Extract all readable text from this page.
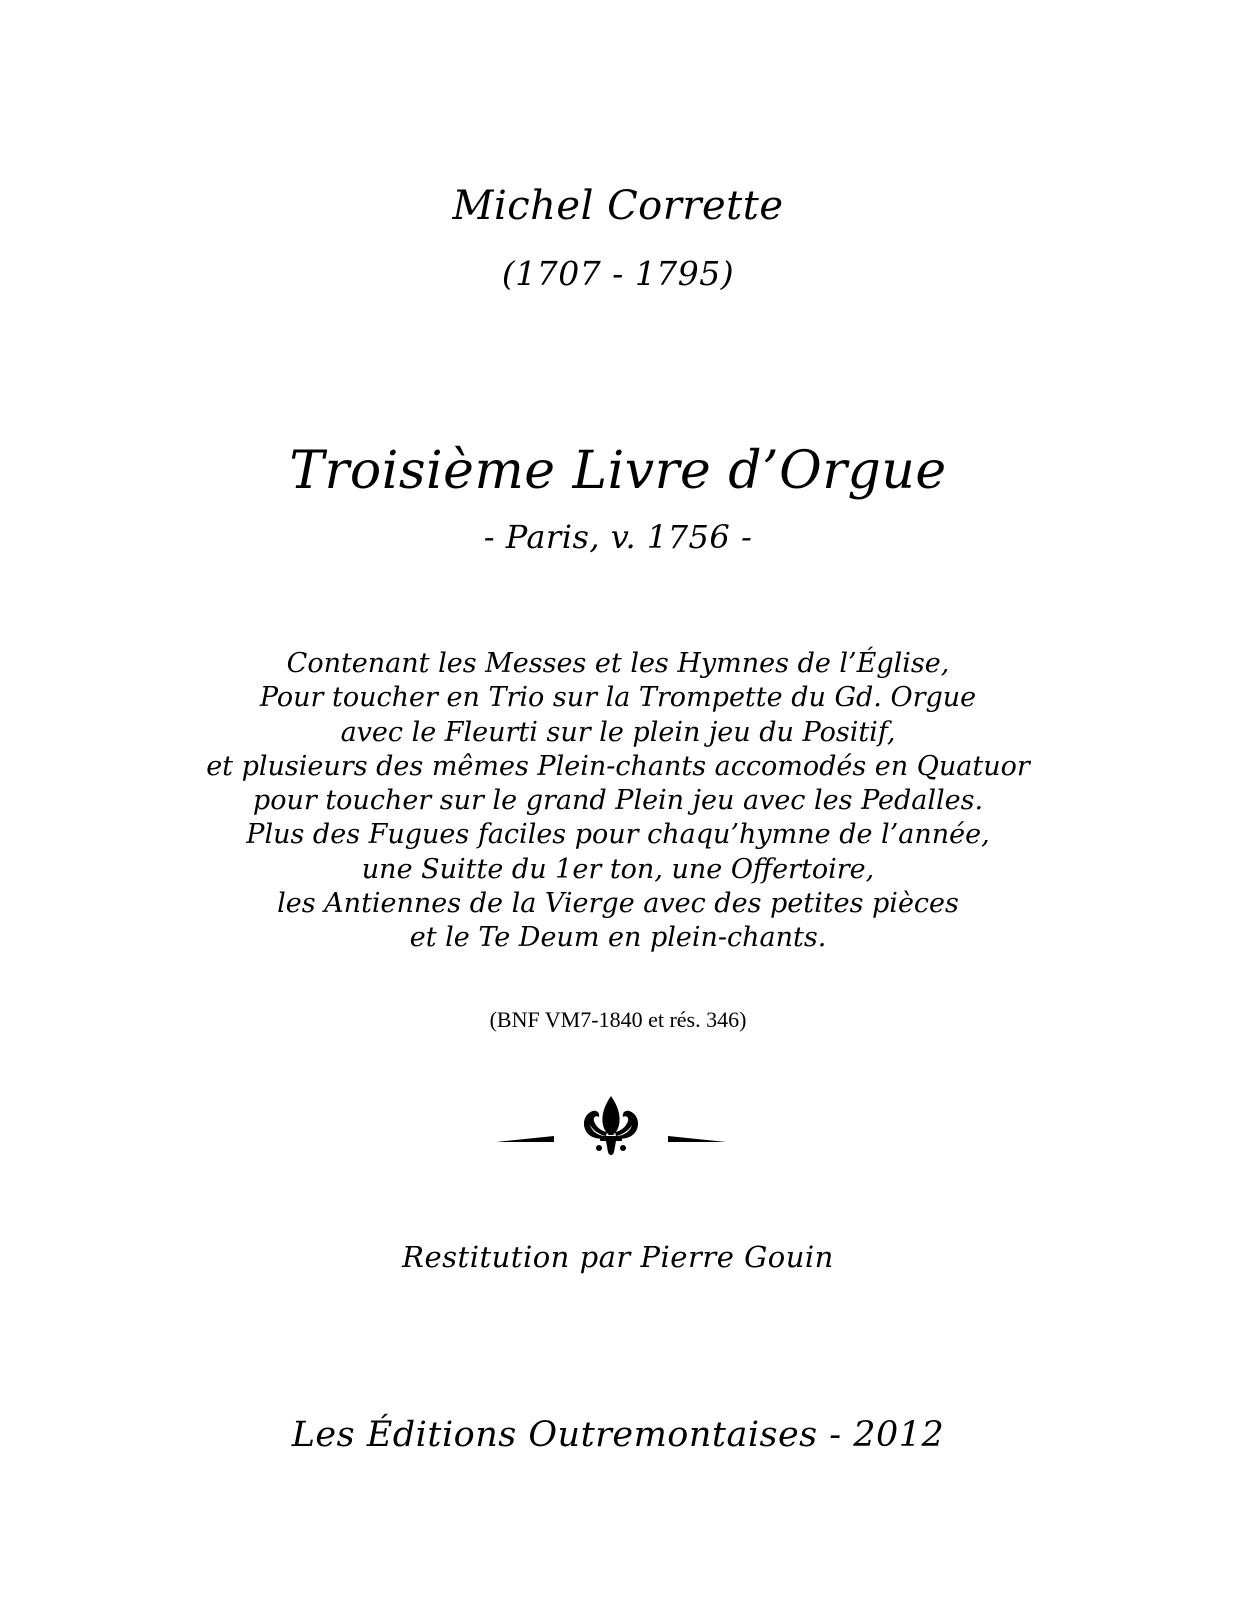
Michel Corrette
(1707 - 1795)
Troisième Livre d’Orgue
- Paris, v. 1756 -
Contenant les Messes et les Hymnes de l’Église,
Pour toucher en Trio sur la Trompette du Gd. Orgue
avec le Fleurti sur le plein jeu du Positif,
et plusieurs des mêmes Plein-chants accomodés en Quatuor
pour toucher sur le grand Plein jeu avec les Pedalles.
Plus des Fugues faciles pour chaqu’hymne de l’année,
une Suitte du 1er ton, une Offertoire,
les Antiennes de la Vierge avec des petites pièces
et le Te Deum en plein-chants.
(BNF VM7-1840 et rés. 346)
Restitution par Pierre Gouin
Les Éditions Outremontaises - 2012
